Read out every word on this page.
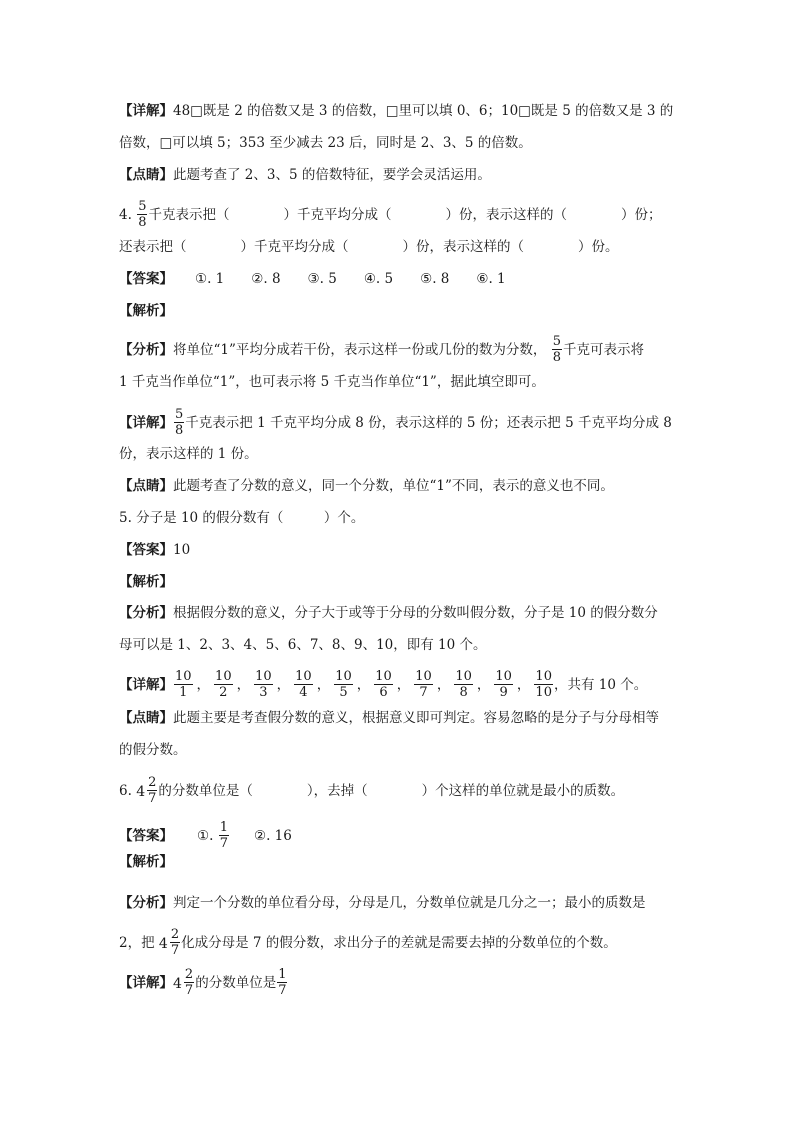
【详解】48□既是 2 的倍数又是 3 的倍数，□里可以填 0、6；10□既是 5 的倍数又是 3 的
倍数，□可以填 5；353 至少减去 23 后，同时是 2、3、5 的倍数。
【点睛】此题考查了 2、3、5 的倍数特征，要学会灵活运用。
4. $\frac{5}{8}$ 千克表示把（　　　　）千克平均分成（　　　　）份，表示这样的（　　　　）份；
还表示把（　　　　）千克平均分成（　　　　）份，表示这样的（　　　　）份。
【答案】 ①. 1　　②. 8　　③. 5　　④. 5　　⑤. 8　　⑥. 1
【解析】
【分析】将单位“1”平均分成若干份，表示这样一份或几份的数为分数， $\frac{5}{8}$ 千克可表示将
1 千克当作单位“1”，也可表示将 5 千克当作单位“1”，据此填空即可。
【详解】 $\frac{5}{8}$ 千克表示把 1 千克平均分成 8 份，表示这样的 5 份；还表示把 5 千克平均分成 8
份，表示这样的 1 份。
【点睛】此题考查了分数的意义，同一个分数，单位“1”不同，表示的意义也不同。
5. 分子是 10 的假分数有（　　　）个。
【答案】10
【解析】
【分析】根据假分数的意义，分子大于或等于分母的分数叫假分数，分子是 10 的假分数分
母可以是 1、2、3、4、5、6、7、8、9、10，即有 10 个。
【详解】 $\frac{10}{1}$ ， $\frac{10}{2}$ ， $\frac{10}{3}$ ， $\frac{10}{4}$ ， $\frac{10}{5}$ ， $\frac{10}{6}$ ， $\frac{10}{7}$ ， $\frac{10}{8}$ ， $\frac{10}{9}$ ， $\frac{10}{10}$ ，共有 10 个。
【点睛】此题主要是考查假分数的意义，根据意义即可判定。容易忽略的是分子与分母相等
的假分数。
6. $4 \frac{2}{7}$ 的分数单位是（　　　　），去掉（　　　　）个这样的单位就是最小的质数。
【答案】 ①. $\frac{1}{7}$ ②. 16
【解析】
【分析】判定一个分数的单位看分母，分母是几，分数单位就是几分之一；最小的质数是
2，把 $4 \frac{2}{7}$ 化成分母是 7 的假分数，求出分子的差就是需要去掉的分数单位的个数。
【详解】$4 \frac{2}{7}$ 的分数单位是 $\frac{1}{7}$
